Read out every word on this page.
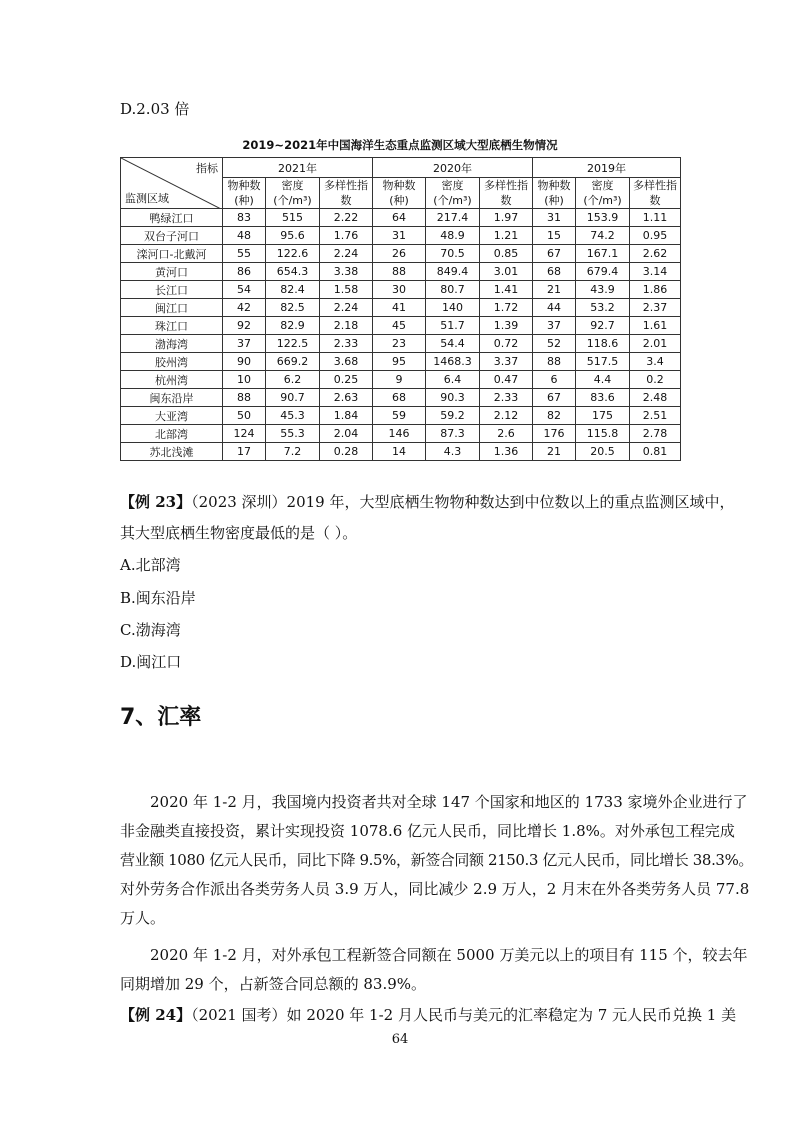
D.2.03 倍
2019~2021年中国海洋生态重点监测区域大型底栖生物情况
指标
监测区域	2021年			2020年			2019年		
	物种数	密度	多样性指	物种数	密度	多样性指	物种数	密度	多样性指
	(种)	(个/m³)	数	(种)	(个/m³)	数	(种)	(个/m³)	数
鸭绿江口	83	515	2.22	64	217.4	1.97	31	153.9	1.11
双台子河口	48	95.6	1.76	31	48.9	1.21	15	74.2	0.95
滦河口-北戴河	55	122.6	2.24	26	70.5	0.85	67	167.1	2.62
黄河口	86	654.3	3.38	88	849.4	3.01	68	679.4	3.14
长江口	54	82.4	1.58	30	80.7	1.41	21	43.9	1.86
闽江口	42	82.5	2.24	41	140	1.72	44	53.2	2.37
珠江口	92	82.9	2.18	45	51.7	1.39	37	92.7	1.61
渤海湾	37	122.5	2.33	23	54.4	0.72	52	118.6	2.01
胶州湾	90	669.2	3.68	95	1468.3	3.37	88	517.5	3.4
杭州湾	10	6.2	0.25	9	6.4	0.47	6	4.4	0.2
闽东沿岸	88	90.7	2.63	68	90.3	2.33	67	83.6	2.48
大亚湾	50	45.3	1.84	59	59.2	2.12	82	175	2.51
北部湾	124	55.3	2.04	146	87.3	2.6	176	115.8	2.78
苏北浅滩	17	7.2	0.28	14	4.3	1.36	21	20.5	0.81
【例 23】（2023 深圳）2019 年，大型底栖生物物种数达到中位数以上的重点监测区域中，
其大型底栖生物密度最低的是（ ）。
A.北部湾
B.闽东沿岸
C.渤海湾
D.闽江口
7、汇率
2020 年 1-2 月，我国境内投资者共对全球 147 个国家和地区的 1733 家境外企业进行了
非金融类直接投资，累计实现投资 1078.6 亿元人民币，同比增长 1.8%。对外承包工程完成
营业额 1080 亿元人民币，同比下降 9.5%，新签合同额 2150.3 亿元人民币，同比增长 38.3%。
对外劳务合作派出各类劳务人员 3.9 万人，同比减少 2.9 万人，2 月末在外各类劳务人员 77.8
万人。
2020 年 1-2 月，对外承包工程新签合同额在 5000 万美元以上的项目有 115 个，较去年
同期增加 29 个，占新签合同总额的 83.9%。
【例 24】（2021 国考）如 2020 年 1-2 月人民币与美元的汇率稳定为 7 元人民币兑换 1 美
64
